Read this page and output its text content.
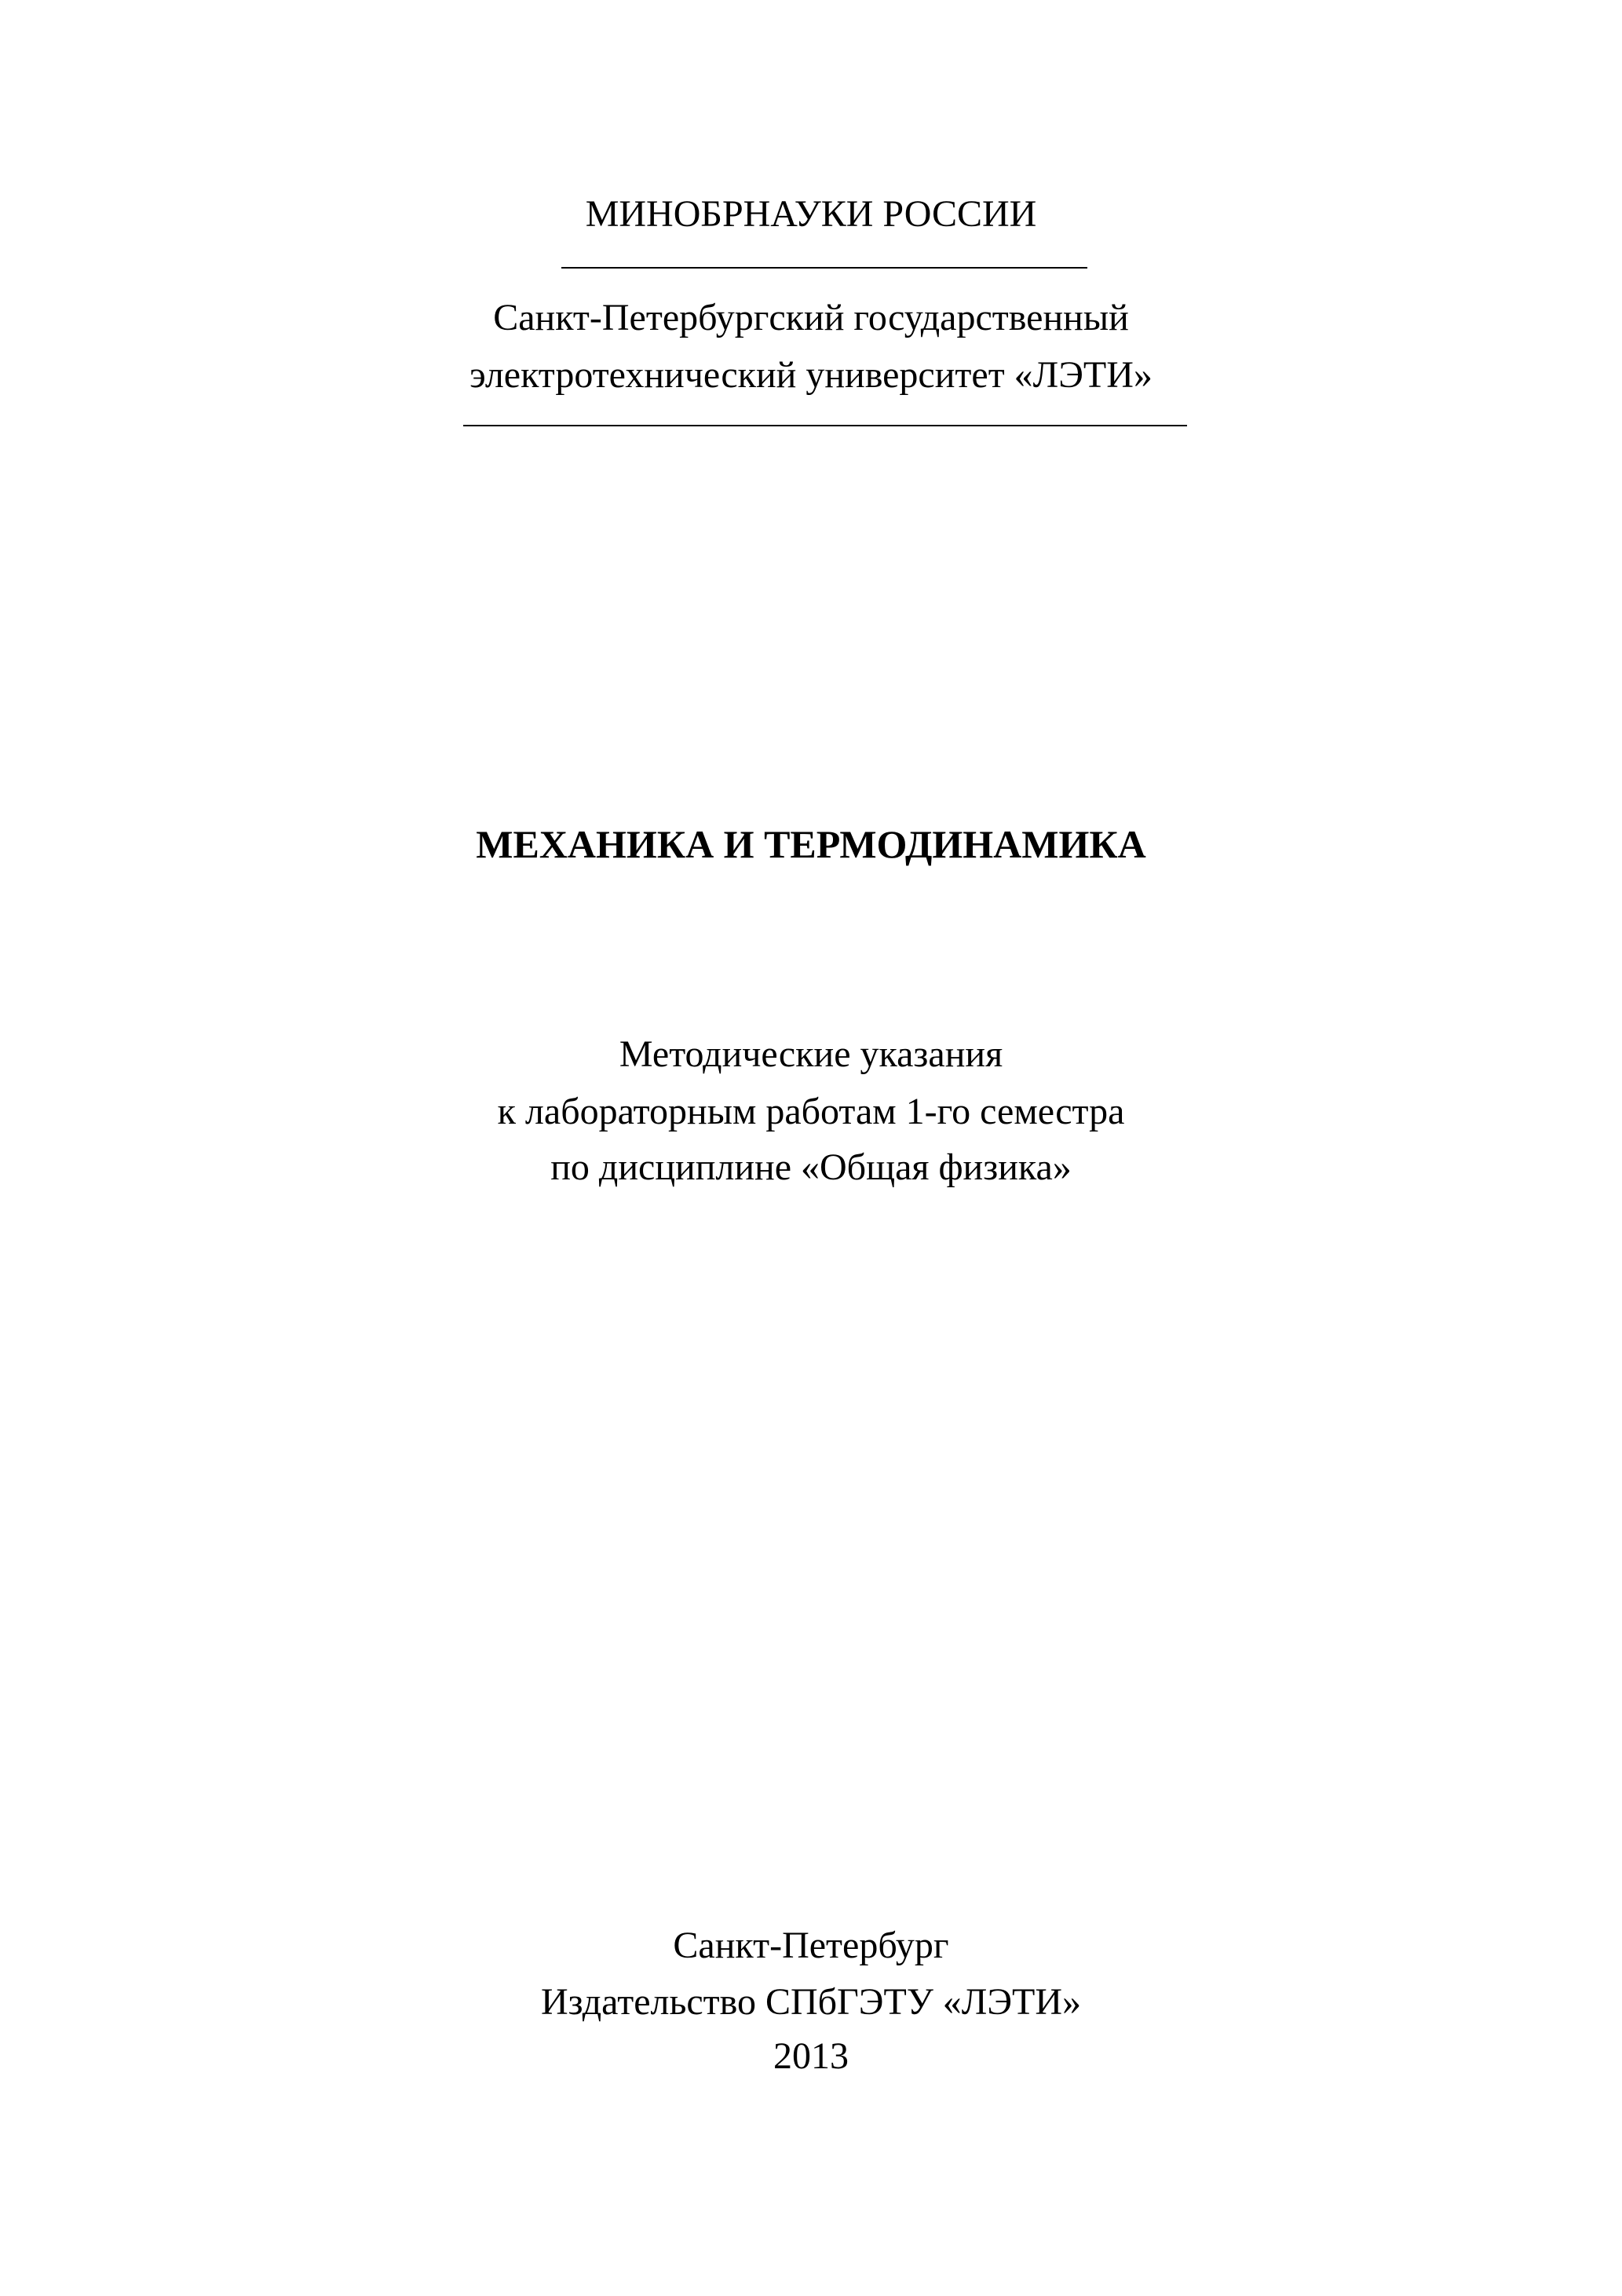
МИНОБРНАУКИ РОССИИ
Санкт-Петербургский государственный
электротехнический университет «ЛЭТИ»
МЕХАНИКА И ТЕРМОДИНАМИКА
Методические указания
к лабораторным работам 1-го семестра
по дисциплине «Общая физика»
Санкт-Петербург
Издательство СПбГЭТУ «ЛЭТИ»
2013
